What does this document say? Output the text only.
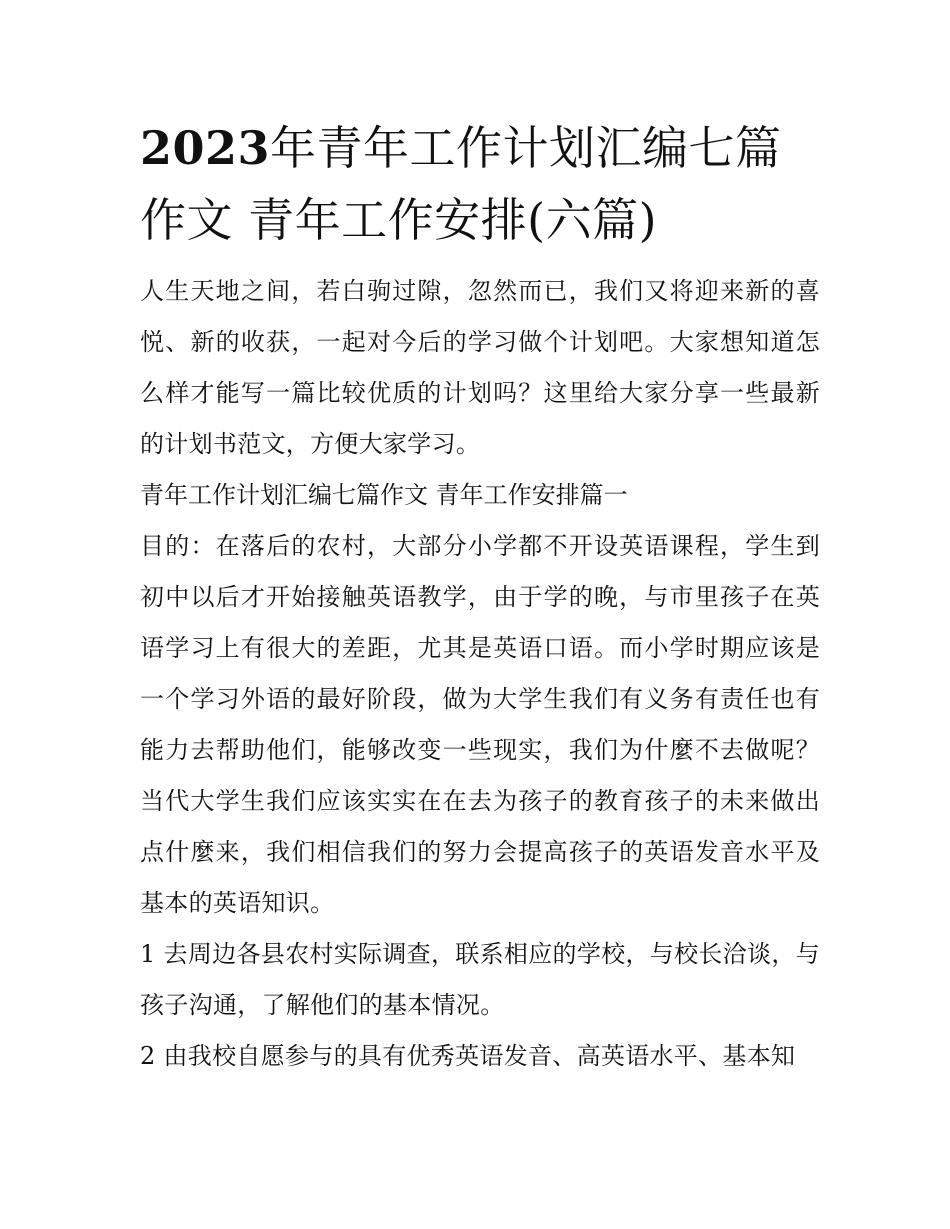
2023年青年工作计划汇编七篇作文 青年工作安排(六篇)

人生天地之间，若白驹过隙，忽然而已，我们又将迎来新的喜悦、新的收获，一起对今后的学习做个计划吧。大家想知道怎么样才能写一篇比较优质的计划吗？这里给大家分享一些最新的计划书范文，方便大家学习。

青年工作计划汇编七篇作文 青年工作安排篇一

目的：在落后的农村，大部分小学都不开设英语课程，学生到初中以后才开始接触英语教学，由于学的晚，与市里孩子在英语学习上有很大的差距，尤其是英语口语。而小学时期应该是一个学习外语的最好阶段，做为大学生我们有义务有责任也有能力去帮助他们，能够改变一些现实，我们为什麼不去做呢？当代大学生我们应该实实在在去为孩子的教育孩子的未来做出点什麼来，我们相信我们的努力会提高孩子的英语发音水平及基本的英语知识。

1 去周边各县农村实际调查，联系相应的学校，与校长洽谈，与孩子沟通，了解他们的基本情况。

2 由我校自愿参与的具有优秀英语发音、高英语水平、基本知
